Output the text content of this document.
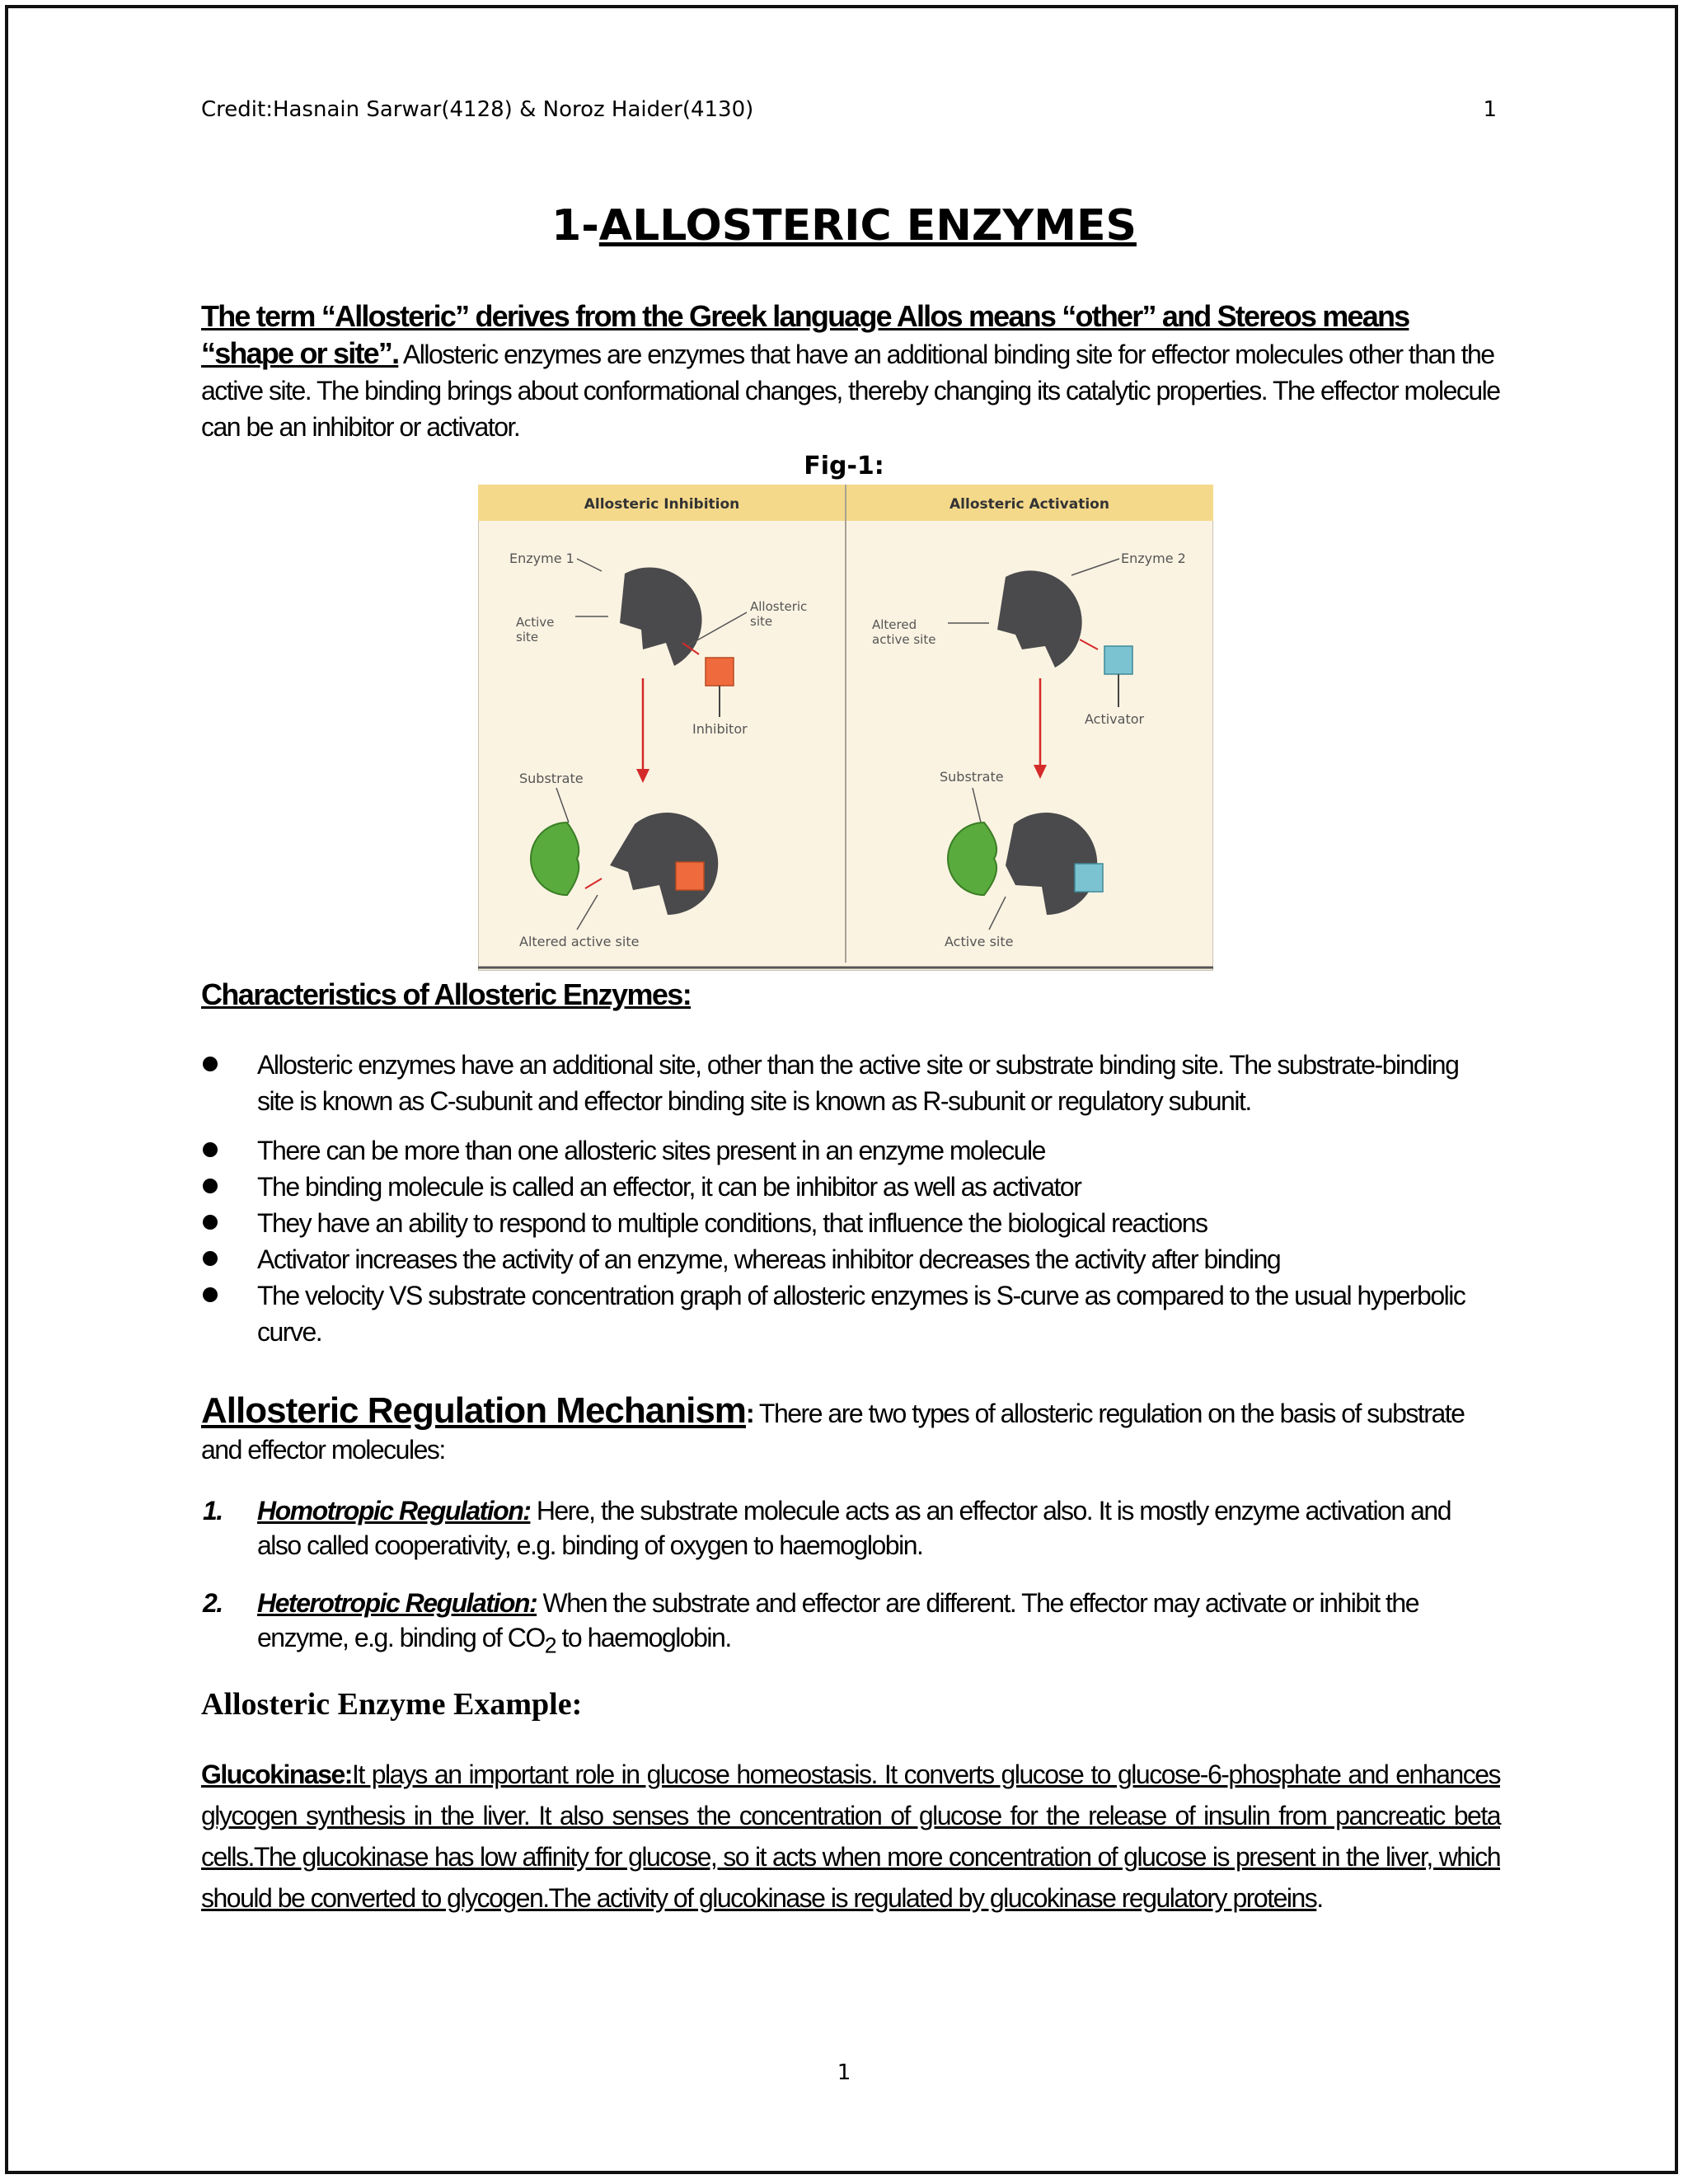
Credit:Hasnain Sarwar(4128) & Noroz Haider(4130)	1
1-ALLOSTERIC ENZYMES
The term “Allosteric” derives from the Greek language Allos means “other” and Stereos means “shape or site”. Allosteric enzymes are enzymes that have an additional binding site for effector molecules other than the active site. The binding brings about conformational changes, thereby changing its catalytic properties. The effector molecule can be an inhibitor or activator.
Fig-1:
Allosteric Inhibition	Allosteric Activation
Enzyme 1
Active site
Allosteric site
Inhibitor
Substrate
Altered active site
Enzyme 2
Altered active site
Activator
Substrate
Active site
Characteristics of Allosteric Enzymes:
Allosteric enzymes have an additional site, other than the active site or substrate binding site. The substrate-binding site is known as C-subunit and effector binding site is known as R-subunit or regulatory subunit.
There can be more than one allosteric sites present in an enzyme molecule
The binding molecule is called an effector, it can be inhibitor as well as activator
They have an ability to respond to multiple conditions, that influence the biological reactions
Activator increases the activity of an enzyme, whereas inhibitor decreases the activity after binding
The velocity VS substrate concentration graph of allosteric enzymes is S-curve as compared to the usual hyperbolic curve.
Allosteric Regulation Mechanism: There are two types of allosteric regulation on the basis of substrate and effector molecules:
1. Homotropic Regulation: Here, the substrate molecule acts as an effector also. It is mostly enzyme activation and also called cooperativity, e.g. binding of oxygen to haemoglobin.
2. Heterotropic Regulation: When the substrate and effector are different. The effector may activate or inhibit the enzyme, e.g. binding of $CO_2$ to haemoglobin.
Allosteric Enzyme Example:
Glucokinase:It plays an important role in glucose homeostasis. It converts glucose to glucose-6-phosphate and enhances glycogen synthesis in the liver. It also senses the concentration of glucose for the release of insulin from pancreatic beta cells.The glucokinase has low affinity for glucose, so it acts when more concentration of glucose is present in the liver, which should be converted to glycogen.The activity of glucokinase is regulated by glucokinase regulatory proteins.
1
